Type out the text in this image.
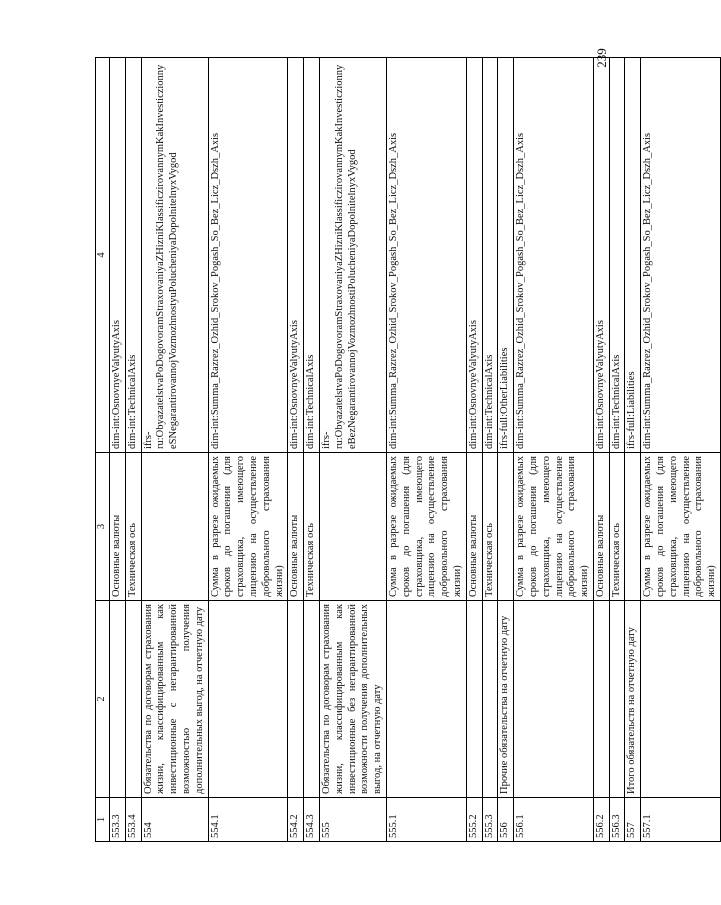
239
1	2	3	4
553.3		Основные валюты	dim-int:OsnovnyeValyutyAxis
553.4		Техническая ось	dim-int:TechnicalAxis
554	Обязательства по договорам страхования жизни, классифицированным как инвестиционные с негарантированной возможностью получения дополнительных выгод, на отчетную дату		ifrs-ru:ObyazatelstvaPoDogovoramStraxovaniyaZHizniKlassificzirovannymKakInvesticzionnyeSNegarantirovannojVozmozhnostyuPolucheniyaDopolnitelnyxVygod
554.1		Сумма в разрезе ожидаемых сроков до погашения (для страховщика, имеющего лицензию на осуществление добровольного страхования жизни)	dim-int:Summa_Razrez_Ozhid_Srokov_Pogash_So_Bez_Licz_Dszh_Axis
554.2		Основные валюты	dim-int:OsnovnyeValyutyAxis
554.3		Техническая ось	dim-int:TechnicalAxis
555	Обязательства по договорам страхования жизни, классифицированным как инвестиционные без негарантированной возможности получения дополнительных выгод, на отчетную дату		ifrs-ru:ObyazatelstvaPoDogovoramStraxovaniyaZHizniKlassificzirovannymKakInvesticzionnyeBezNegarantirovannojVozmozhnostiPolucheniyaDopolnitelnyxVygod
555.1		Сумма в разрезе ожидаемых сроков до погашения (для страховщика, имеющего лицензию на осуществление добровольного страхования жизни)	dim-int:Summa_Razrez_Ozhid_Srokov_Pogash_So_Bez_Licz_Dszh_Axis
555.2		Основные валюты	dim-int:OsnovnyeValyutyAxis
555.3		Техническая ось	dim-int:TechnicalAxis
556	Прочие обязательства на отчетную дату		ifrs-full:OtherLiabilities
556.1		Сумма в разрезе ожидаемых сроков до погашения (для страховщика, имеющего лицензию на осуществление добровольного страхования жизни)	dim-int:Summa_Razrez_Ozhid_Srokov_Pogash_So_Bez_Licz_Dszh_Axis
556.2		Основные валюты	dim-int:OsnovnyeValyutyAxis
556.3		Техническая ось	dim-int:TechnicalAxis
557	Итого обязательств на отчетную дату		ifrs-full:Liabilities
557.1		Сумма в разрезе ожидаемых сроков до погашения (для страховщика, имеющего лицензию на осуществление добровольного страхования жизни)	dim-int:Summa_Razrez_Ozhid_Srokov_Pogash_So_Bez_Licz_Dszh_Axis
